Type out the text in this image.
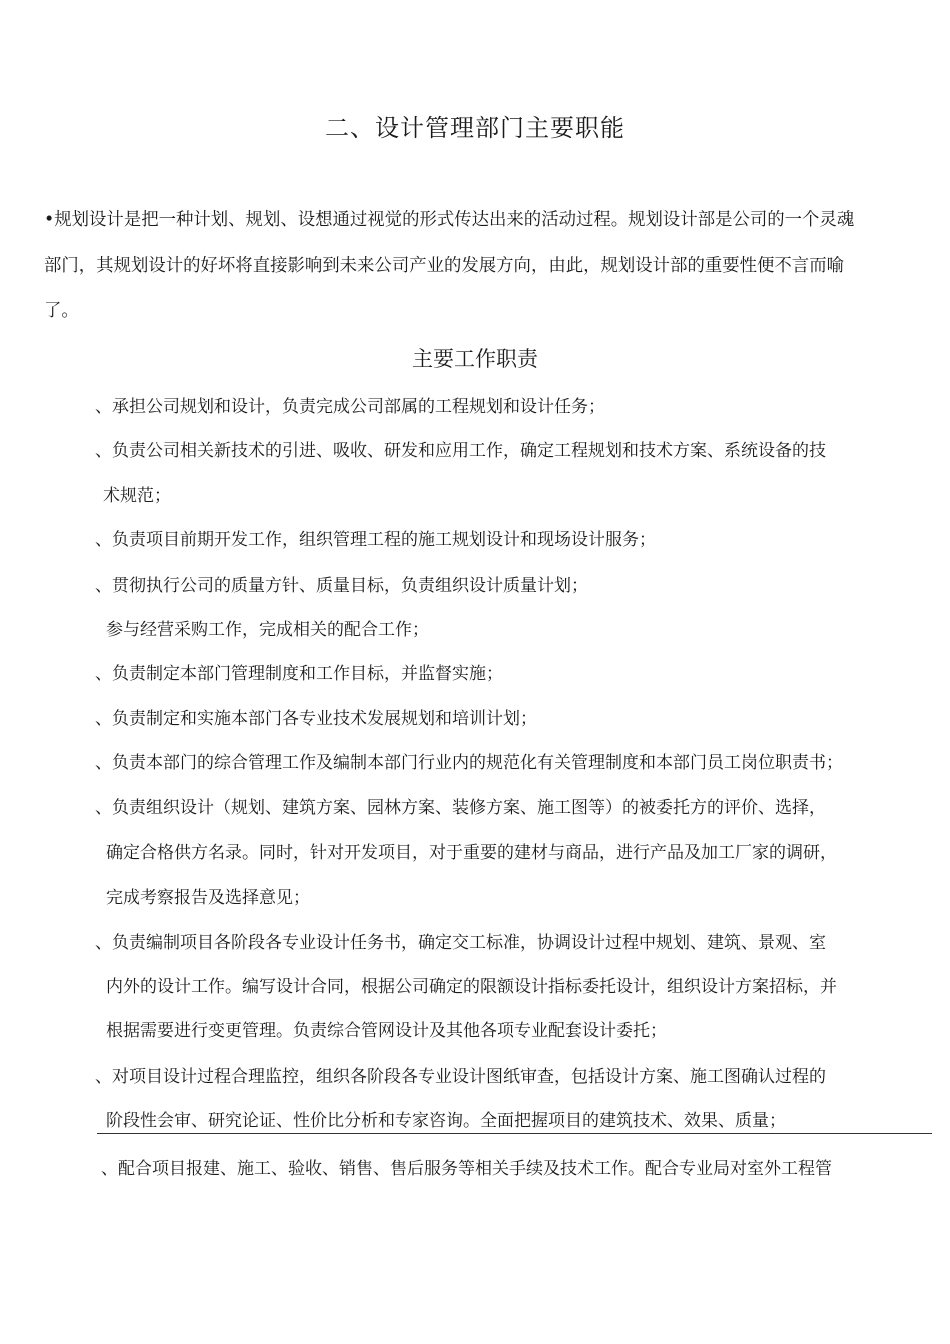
二、设计管理部门主要职能
•规划设计是把一种计划、规划、设想通过视觉的形式传达出来的活动过程。规划设计部是公司的一个灵魂
部门，其规划设计的好坏将直接影响到未来公司产业的发展方向，由此，规划设计部的重要性便不言而喻
了。
主要工作职责
、承担公司规划和设计，负责完成公司部属的工程规划和设计任务；
、负责公司相关新技术的引进、吸收、研发和应用工作，确定工程规划和技术方案、系统设备的技
术规范；
、负责项目前期开发工作，组织管理工程的施工规划设计和现场设计服务；
、贯彻执行公司的质量方针、质量目标，负责组织设计质量计划；
参与经营采购工作，完成相关的配合工作；
、负责制定本部门管理制度和工作目标，并监督实施；
、负责制定和实施本部门各专业技术发展规划和培训计划；
、负责本部门的综合管理工作及编制本部门行业内的规范化有关管理制度和本部门员工岗位职责书；
、负责组织设计（规划、建筑方案、园林方案、装修方案、施工图等）的被委托方的评价、选择，
确定合格供方名录。同时，针对开发项目，对于重要的建材与商品，进行产品及加工厂家的调研，
完成考察报告及选择意见；
、负责编制项目各阶段各专业设计任务书，确定交工标准，协调设计过程中规划、建筑、景观、室
内外的设计工作。编写设计合同，根据公司确定的限额设计指标委托设计，组织设计方案招标，并
根据需要进行变更管理。负责综合管网设计及其他各项专业配套设计委托；
、对项目设计过程合理监控，组织各阶段各专业设计图纸审查，包括设计方案、施工图确认过程的
阶段性会审、研究论证、性价比分析和专家咨询。全面把握项目的建筑技术、效果、质量；
、配合项目报建、施工、验收、销售、售后服务等相关手续及技术工作。配合专业局对室外工程管
